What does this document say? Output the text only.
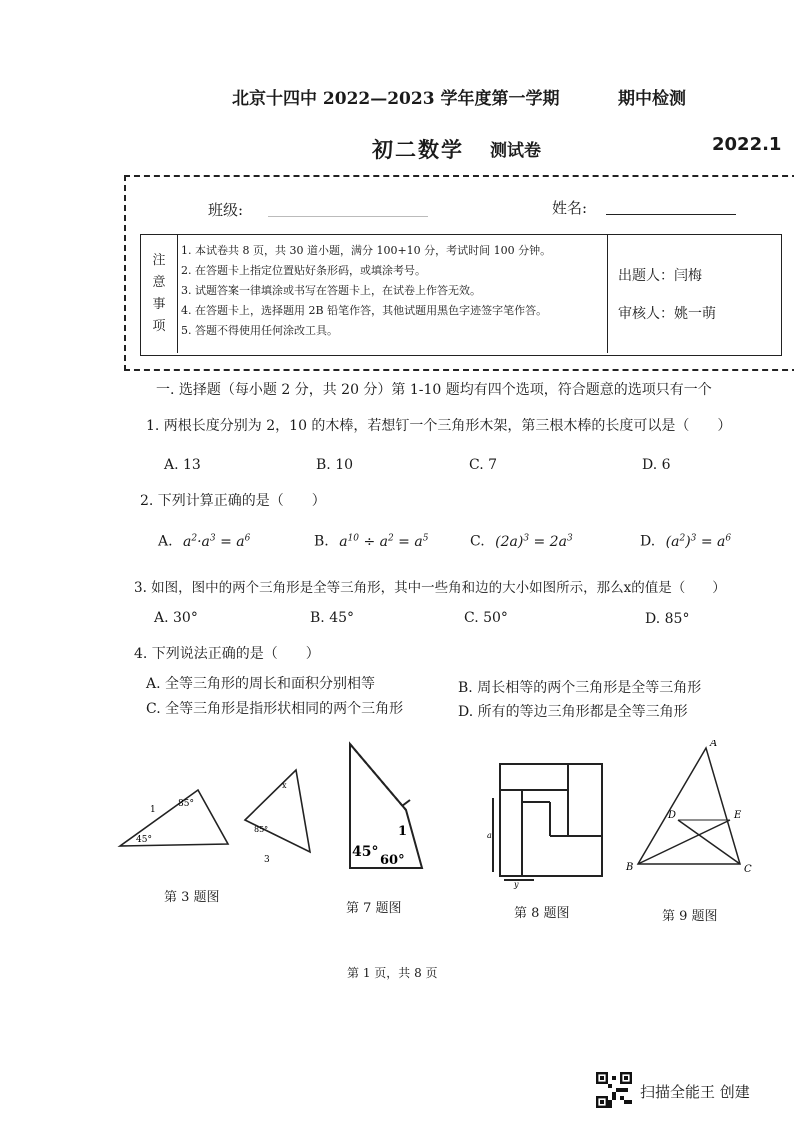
北京十四中 2022—2023 学年度第一学期	期中检测
初二数学 测试卷	2022.1
班级:	姓名:
注
意
事
项
1. 本试卷共 8 页，共 30 道小题，满分 100+10 分，考试时间 100 分钟。
2. 在答题卡上指定位置贴好条形码，或填涂考号。
3. 试题答案一律填涂或书写在答题卡上，在试卷上作答无效。
4. 在答题卡上，选择题用 2B 铅笔作答，其他试题用黑色字迹签字笔作答。
5. 答题不得使用任何涂改工具。
出题人：闫梅
审核人：姚一萌
一. 选择题（每小题 2 分，共 20 分）第 1-10 题均有四个选项，符合题意的选项只有一个
1. 两根长度分别为 2，10 的木棒，若想钉一个三角形木架，第三根木棒的长度可以是（　　）
A. 13	B. 10	C. 7	D. 6
2. 下列计算正确的是（　　）
A. $a^2\cdot a^3 = a^6$	B. $a^{10} \div a^2 = a^5$	C. $(2a)^3 = 2a^3$	D. $(a^2)^3 = a^6$
3. 如图，图中的两个三角形是全等三角形，其中一些角和边的大小如图所示，那么x的值是（　　）
A. 30°	B. 45°	C. 50°	D. 85°
4. 下列说法正确的是（　　）
A. 全等三角形的周长和面积分别相等	B. 周长相等的两个三角形是全等三角形
C. 全等三角形是指形状相同的两个三角形	D. 所有的等边三角形都是全等三角形
1
85°
45°
x
85°
3	45°
60°
1	a
y
A
D	E
B	C
第 3 题图
第 7 题图	第 8 题图	第 9 题图
第 1 页，共 8 页
扫描全能王 创建
